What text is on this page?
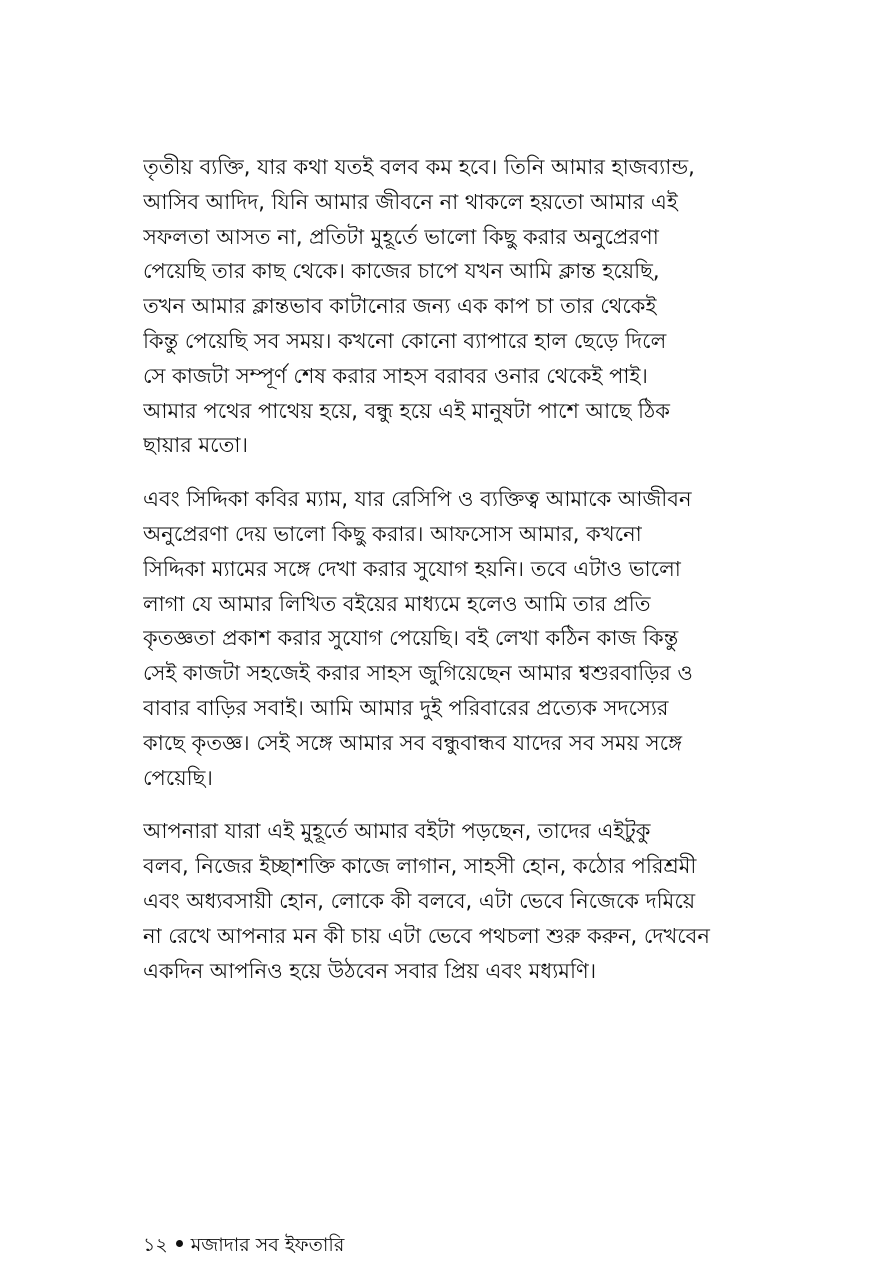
তৃতীয় ব্যক্তি, যার কথা যতই বলব কম হবে। তিনি আমার হাজব্যান্ড,
আসিব আদিদ, যিনি আমার জীবনে না থাকলে হয়তো আমার এই
সফলতা আসত না, প্রতিটা মুহূর্তে ভালো কিছু করার অনুপ্রেরণা
পেয়েছি তার কাছ থেকে। কাজের চাপে যখন আমি ক্লান্ত হয়েছি,
তখন আমার ক্লান্তভাব কাটানোর জন্য এক কাপ চা তার থেকেই
কিন্তু পেয়েছি সব সময়। কখনো কোনো ব্যাপারে হাল ছেড়ে দিলে
সে কাজটা সম্পূর্ণ শেষ করার সাহস বরাবর ওনার থেকেই পাই।
আমার পথের পাথেয় হয়ে, বন্ধু হয়ে এই মানুষটা পাশে আছে ঠিক
ছায়ার মতো।

এবং সিদ্দিকা কবির ম্যাম, যার রেসিপি ও ব্যক্তিত্ব আমাকে আজীবন
অনুপ্রেরণা দেয় ভালো কিছু করার। আফসোস আমার, কখনো
সিদ্দিকা ম্যামের সঙ্গে দেখা করার সুযোগ হয়নি। তবে এটাও ভালো
লাগা যে আমার লিখিত বইয়ের মাধ্যমে হলেও আমি তার প্রতি
কৃতজ্ঞতা প্রকাশ করার সুযোগ পেয়েছি। বই লেখা কঠিন কাজ কিন্তু
সেই কাজটা সহজেই করার সাহস জুগিয়েছেন আমার শ্বশুরবাড়ির ও
বাবার বাড়ির সবাই। আমি আমার দুই পরিবারের প্রত্যেক সদস্যের
কাছে কৃতজ্ঞ। সেই সঙ্গে আমার সব বন্ধুবান্ধব যাদের সব সময় সঙ্গে
পেয়েছি।

আপনারা যারা এই মুহূর্তে আমার বইটা পড়ছেন, তাদের এইটুকু
বলব, নিজের ইচ্ছাশক্তি কাজে লাগান, সাহসী হোন, কঠোর পরিশ্রমী
এবং অধ্যবসায়ী হোন, লোকে কী বলবে, এটা ভেবে নিজেকে দমিয়ে
না রেখে আপনার মন কী চায় এটা ভেবে পথচলা শুরু করুন, দেখবেন
একদিন আপনিও হয়ে উঠবেন সবার প্রিয় এবং মধ্যমণি।

১২ মজাদার সব ইফতারি
